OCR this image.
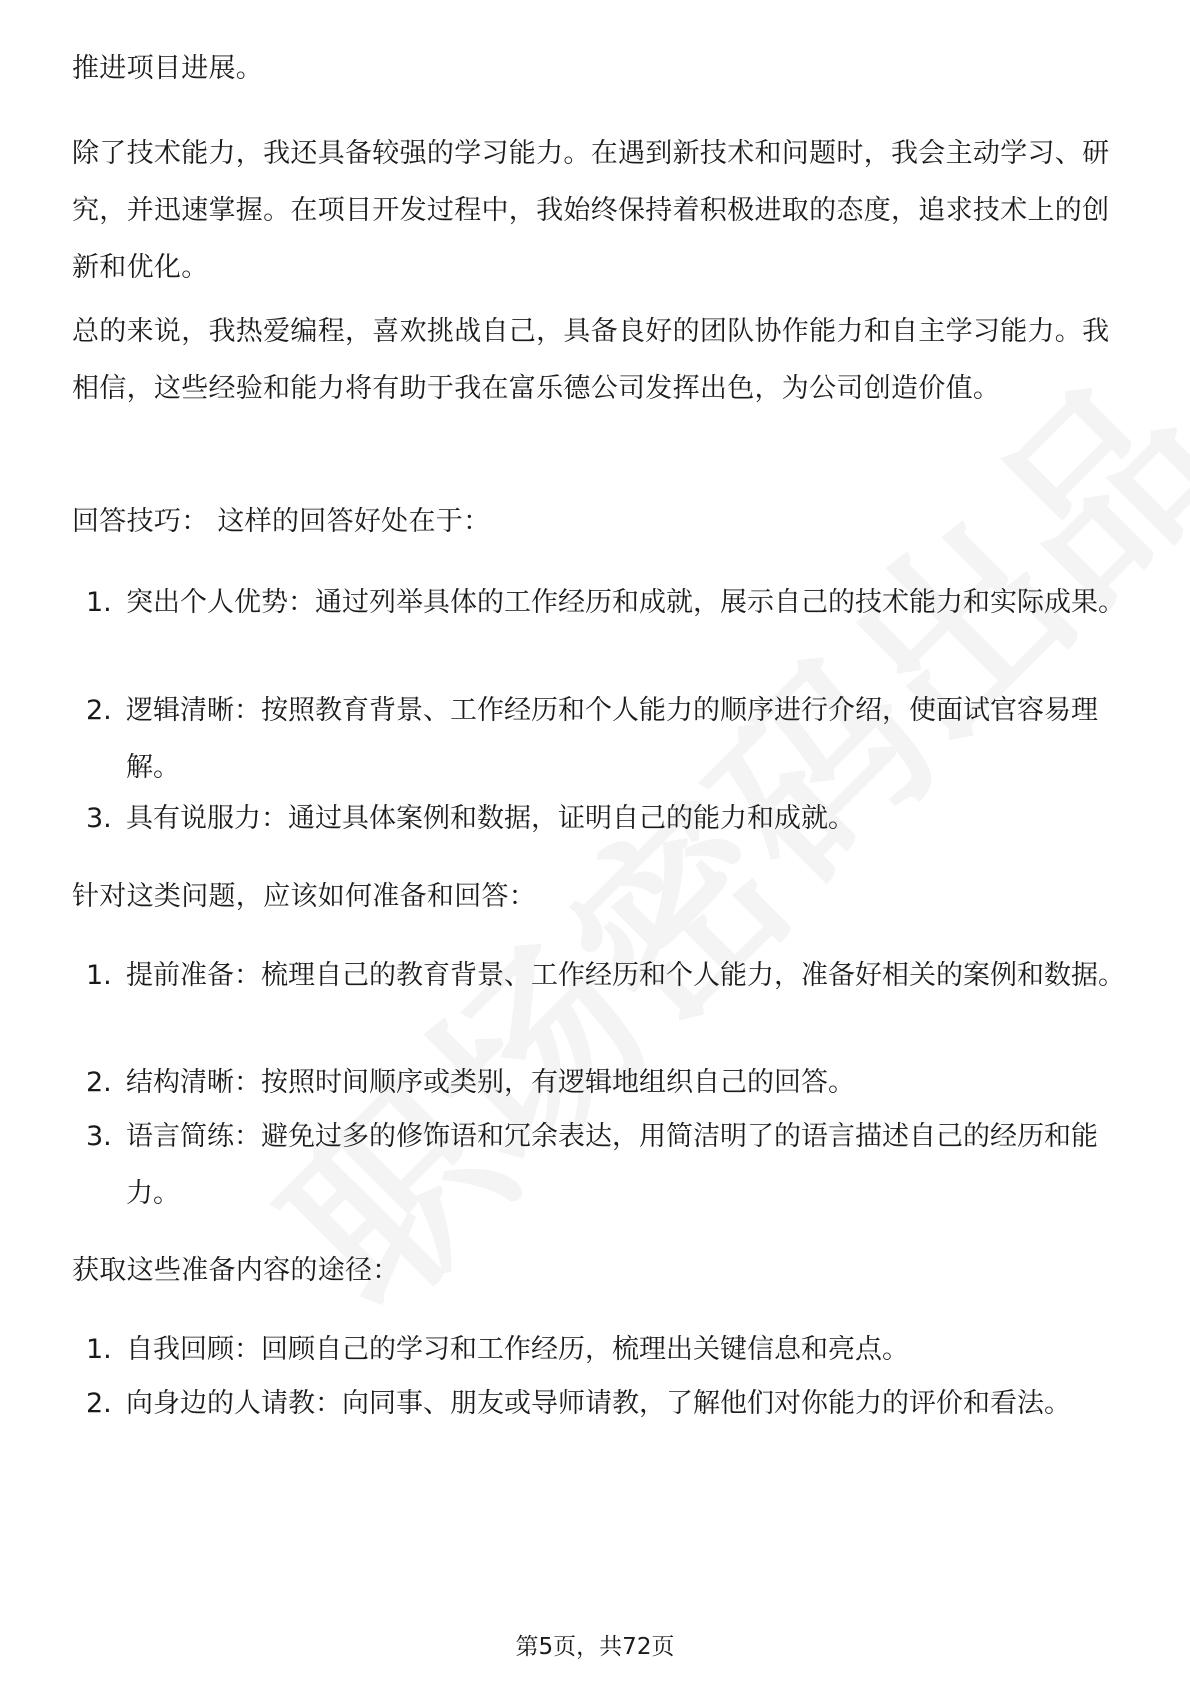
推进项目进展。

除了技术能力，我还具备较强的学习能力。在遇到新技术和问题时，我会主动学习、研究，并迅速掌握。在项目开发过程中，我始终保持着积极进取的态度，追求技术上的创新和优化。

总的来说，我热爱编程，喜欢挑战自己，具备良好的团队协作能力和自主学习能力。我相信，这些经验和能力将有助于我在富乐德公司发挥出色，为公司创造价值。

回答技巧： 这样的回答好处在于：

1. 突出个人优势：通过列举具体的工作经历和成就，展示自己的技术能力和实际成果。
2. 逻辑清晰：按照教育背景、工作经历和个人能力的顺序进行介绍，使面试官容易理解。
3. 具有说服力：通过具体案例和数据，证明自己的能力和成就。

针对这类问题，应该如何准备和回答：

1. 提前准备：梳理自己的教育背景、工作经历和个人能力，准备好相关的案例和数据。
2. 结构清晰：按照时间顺序或类别，有逻辑地组织自己的回答。
3. 语言简练：避免过多的修饰语和冗余表达，用简洁明了的语言描述自己的经历和能力。

获取这些准备内容的途径：

1. 自我回顾：回顾自己的学习和工作经历，梳理出关键信息和亮点。
2. 向身边的人请教：向同事、朋友或导师请教，了解他们对你能力的评价和看法。
第5页，共72页
